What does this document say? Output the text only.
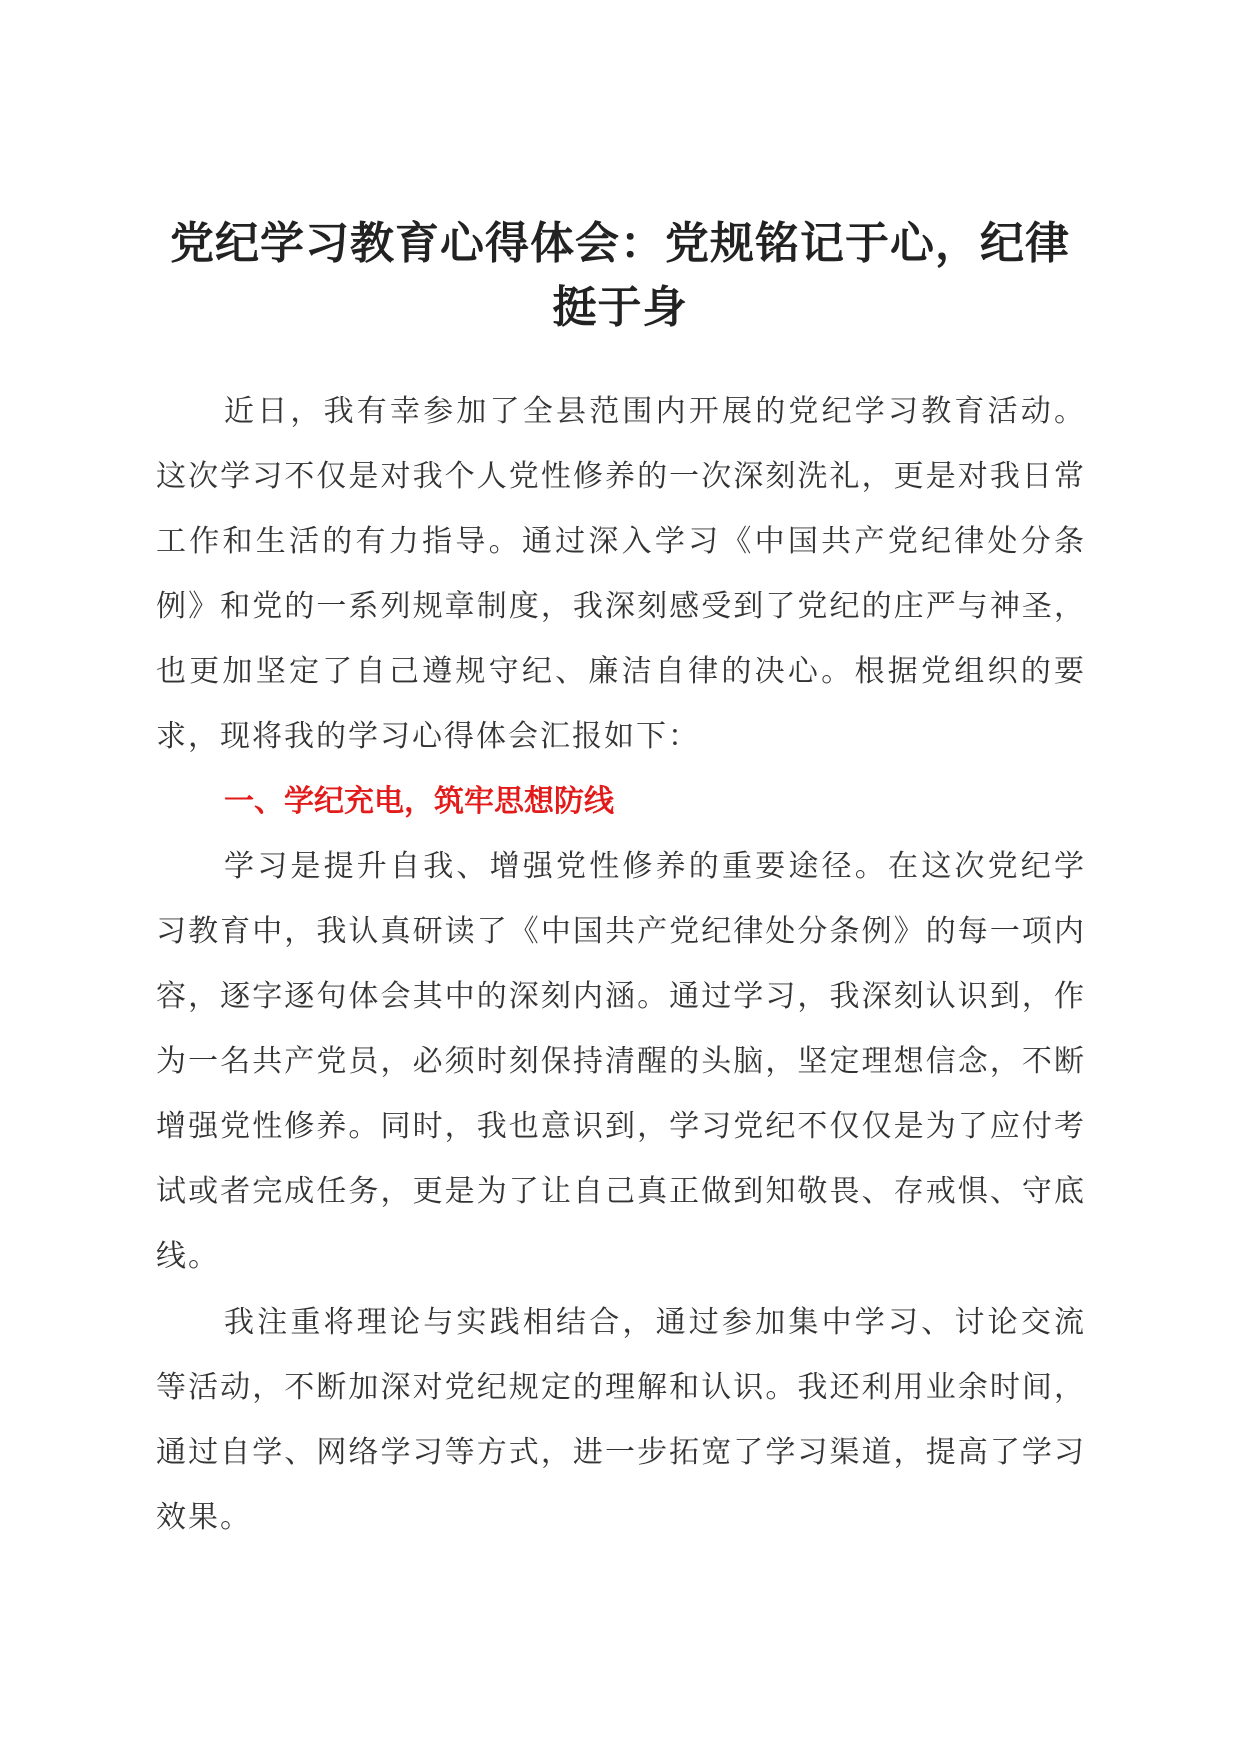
党纪学习教育心得体会：党规铭记于心，纪律挺于身

近日，我有幸参加了全县范围内开展的党纪学习教育活动。这次学习不仅是对我个人党性修养的一次深刻洗礼，更是对我日常工作和生活的有力指导。通过深入学习《中国共产党纪律处分条例》和党的一系列规章制度，我深刻感受到了党纪的庄严与神圣，也更加坚定了自己遵规守纪、廉洁自律的决心。根据党组织的要求，现将我的学习心得体会汇报如下：

一、学纪充电，筑牢思想防线

学习是提升自我、增强党性修养的重要途径。在这次党纪学习教育中，我认真研读了《中国共产党纪律处分条例》的每一项内容，逐字逐句体会其中的深刻内涵。通过学习，我深刻认识到，作为一名共产党员，必须时刻保持清醒的头脑，坚定理想信念，不断增强党性修养。同时，我也意识到，学习党纪不仅仅是为了应付考试或者完成任务，更是为了让自己真正做到知敬畏、存戒惧、守底线。

我注重将理论与实践相结合，通过参加集中学习、讨论交流等活动，不断加深对党纪规定的理解和认识。我还利用业余时间，通过自学、网络学习等方式，进一步拓宽了学习渠道，提高了学习效果。
